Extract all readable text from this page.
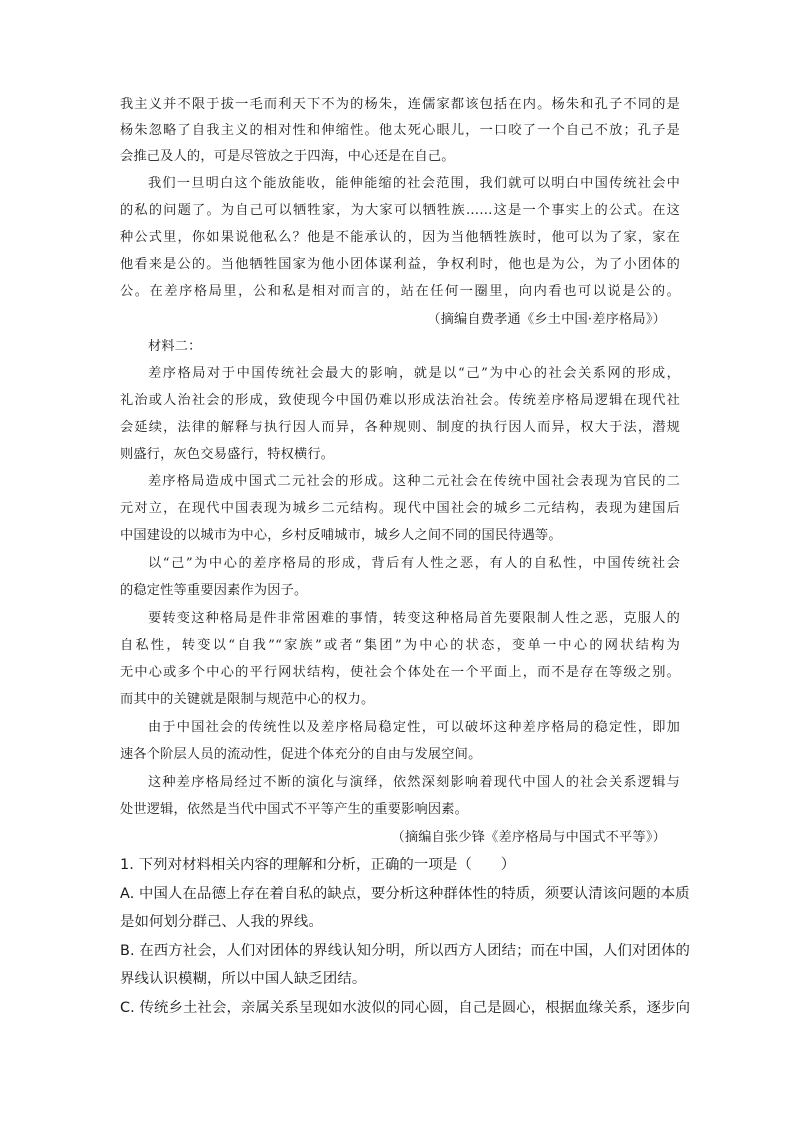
我主义并不限于拔一毛而利天下不为的杨朱，连儒家都该包括在内。杨朱和孔子不同的是
杨朱忽略了自我主义的相对性和伸缩性。他太死心眼儿，一口咬了一个自己不放；孔子是
会推己及人的，可是尽管放之于四海，中心还是在自己。
我们一旦明白这个能放能收，能伸能缩的社会范围，我们就可以明白中国传统社会中
的私的问题了。为自己可以牺牲家，为大家可以牺牲族……这是一个事实上的公式。在这
种公式里，你如果说他私么？他是不能承认的，因为当他牺牲族时，他可以为了家，家在
他看来是公的。当他牺牲国家为他小团体谋利益，争权利时，他也是为公，为了小团体的
公。在差序格局里，公和私是相对而言的，站在任何一圈里，向内看也可以说是公的。
（摘编自费孝通《乡土中国·差序格局》）
材料二：
差序格局对于中国传统社会最大的影响，就是以“己”为中心的社会关系网的形成，
礼治或人治社会的形成，致使现今中国仍难以形成法治社会。传统差序格局逻辑在现代社
会延续，法律的解释与执行因人而异，各种规则、制度的执行因人而异，权大于法，潜规
则盛行，灰色交易盛行，特权横行。
差序格局造成中国式二元社会的形成。这种二元社会在传统中国社会表现为官民的二
元对立，在现代中国表现为城乡二元结构。现代中国社会的城乡二元结构，表现为建国后
中国建设的以城市为中心，乡村反哺城市，城乡人之间不同的国民待遇等。
以“己”为中心的差序格局的形成，背后有人性之恶，有人的自私性，中国传统社会
的稳定性等重要因素作为因子。
要转变这种格局是件非常困难的事情，转变这种格局首先要限制人性之恶，克服人的
自私性，转变以“自我”“家族”或者“集团”为中心的状态，变单一中心的网状结构为
无中心或多个中心的平行网状结构，使社会个体处在一个平面上，而不是存在等级之别。
而其中的关键就是限制与规范中心的权力。
由于中国社会的传统性以及差序格局稳定性，可以破坏这种差序格局的稳定性，即加
速各个阶层人员的流动性，促进个体充分的自由与发展空间。
这种差序格局经过不断的演化与演绎，依然深刻影响着现代中国人的社会关系逻辑与
处世逻辑，依然是当代中国式不平等产生的重要影响因素。
（摘编自张少锋《差序格局与中国式不平等》）
1. 下列对材料相关内容的理解和分析，正确的一项是（　　）
A. 中国人在品德上存在着自私的缺点，要分析这种群体性的特质，须要认清该问题的本质
是如何划分群己、人我的界线。
B. 在西方社会，人们对团体的界线认知分明，所以西方人团结；而在中国，人们对团体的
界线认识模糊，所以中国人缺乏团结。
C. 传统乡土社会，亲属关系呈现如水波似的同心圆，自己是圆心，根据血缘关系，逐步向
